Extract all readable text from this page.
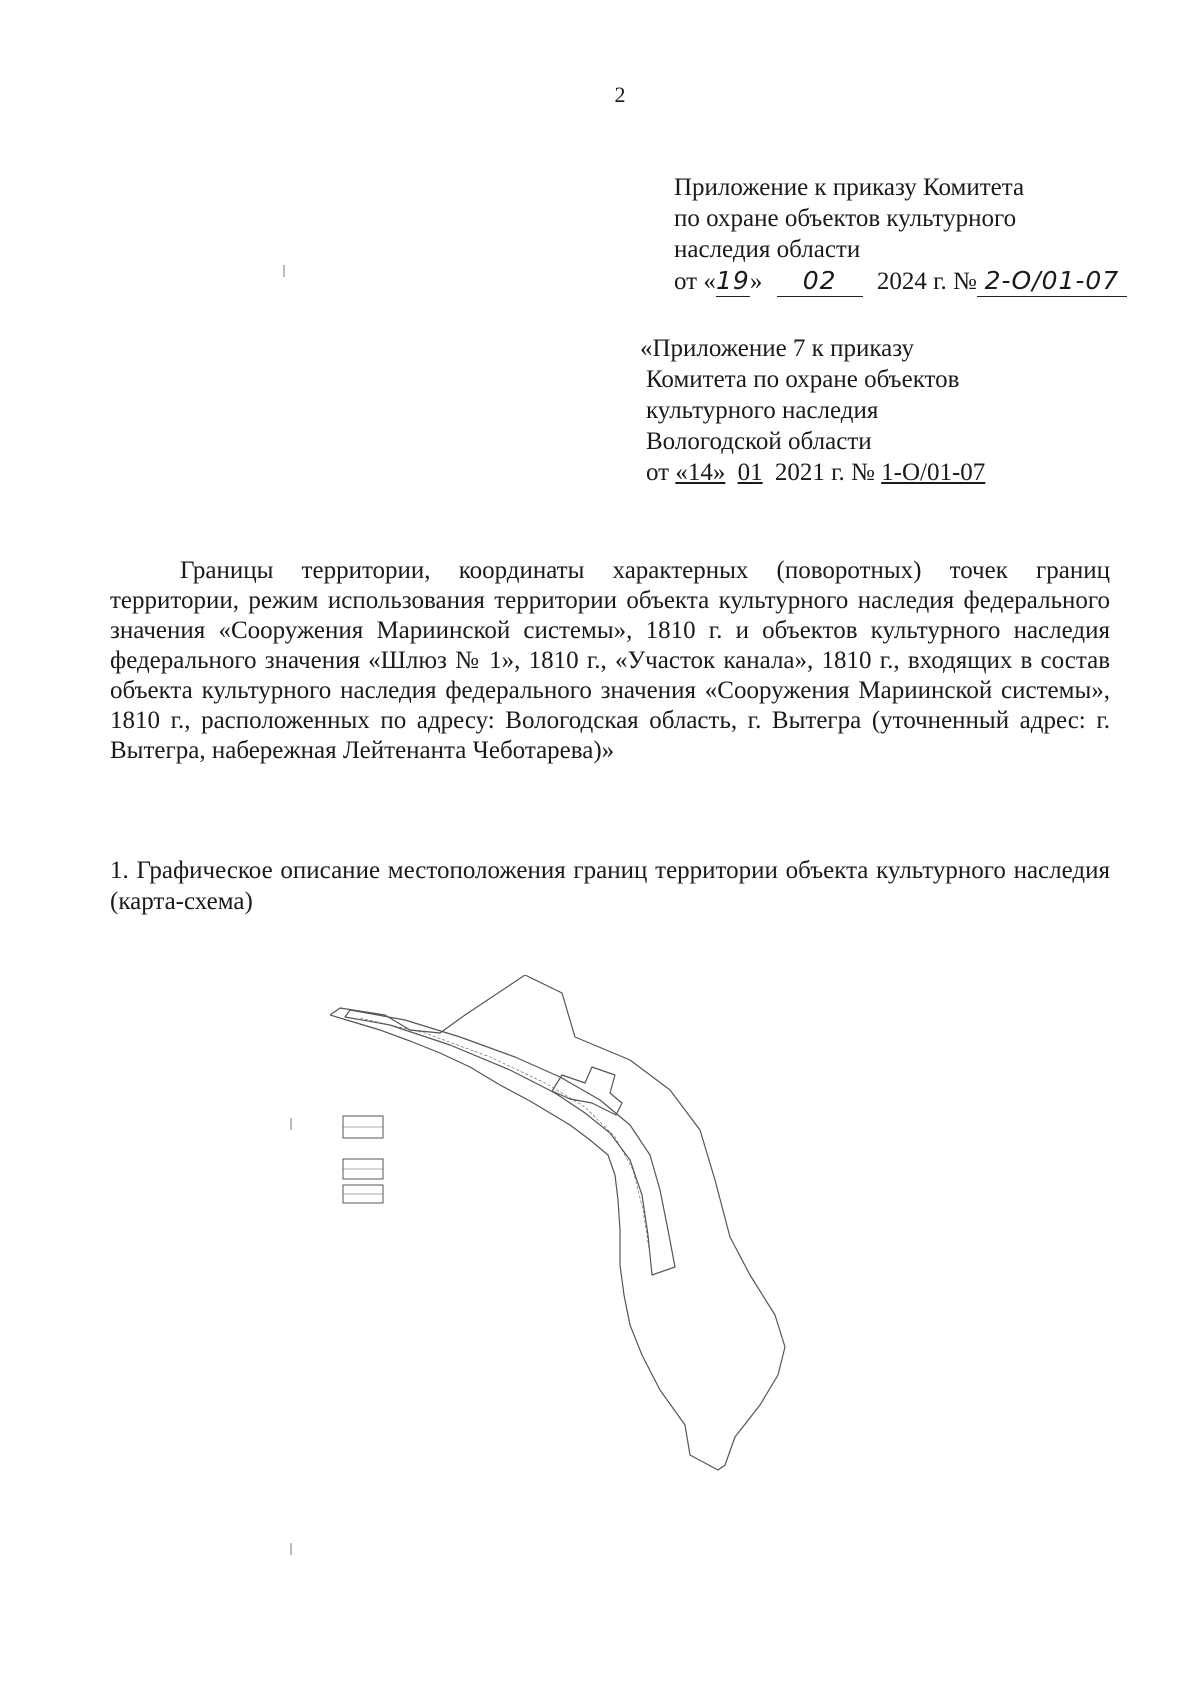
2
Приложение к приказу Комитета
по охране объектов культурного
наследия области
от «19» 02 2024 г. № 2-О/01-07
«Приложение 7 к приказу
Комитета по охране объектов
культурного наследия
Вологодской области
от «14» 01 2021 г. № 1-О/01-07
Границы территории, координаты характерных (поворотных) точек границ территории, режим использования территории объекта культурного наследия федерального значения «Сооружения Мариинской системы», 1810 г. и объектов культурного наследия федерального значения «Шлюз № 1», 1810 г., «Участок канала», 1810 г., входящих в состав объекта культурного наследия федерального значения «Сооружения Мариинской системы», 1810 г., расположенных по адресу: Вологодская область, г. Вытегра (уточненный адрес: г. Вытегра, набережная Лейтенанта Чеботарева)»
1. Графическое описание местоположения границ территории объекта культурного наследия (карта-схема)
